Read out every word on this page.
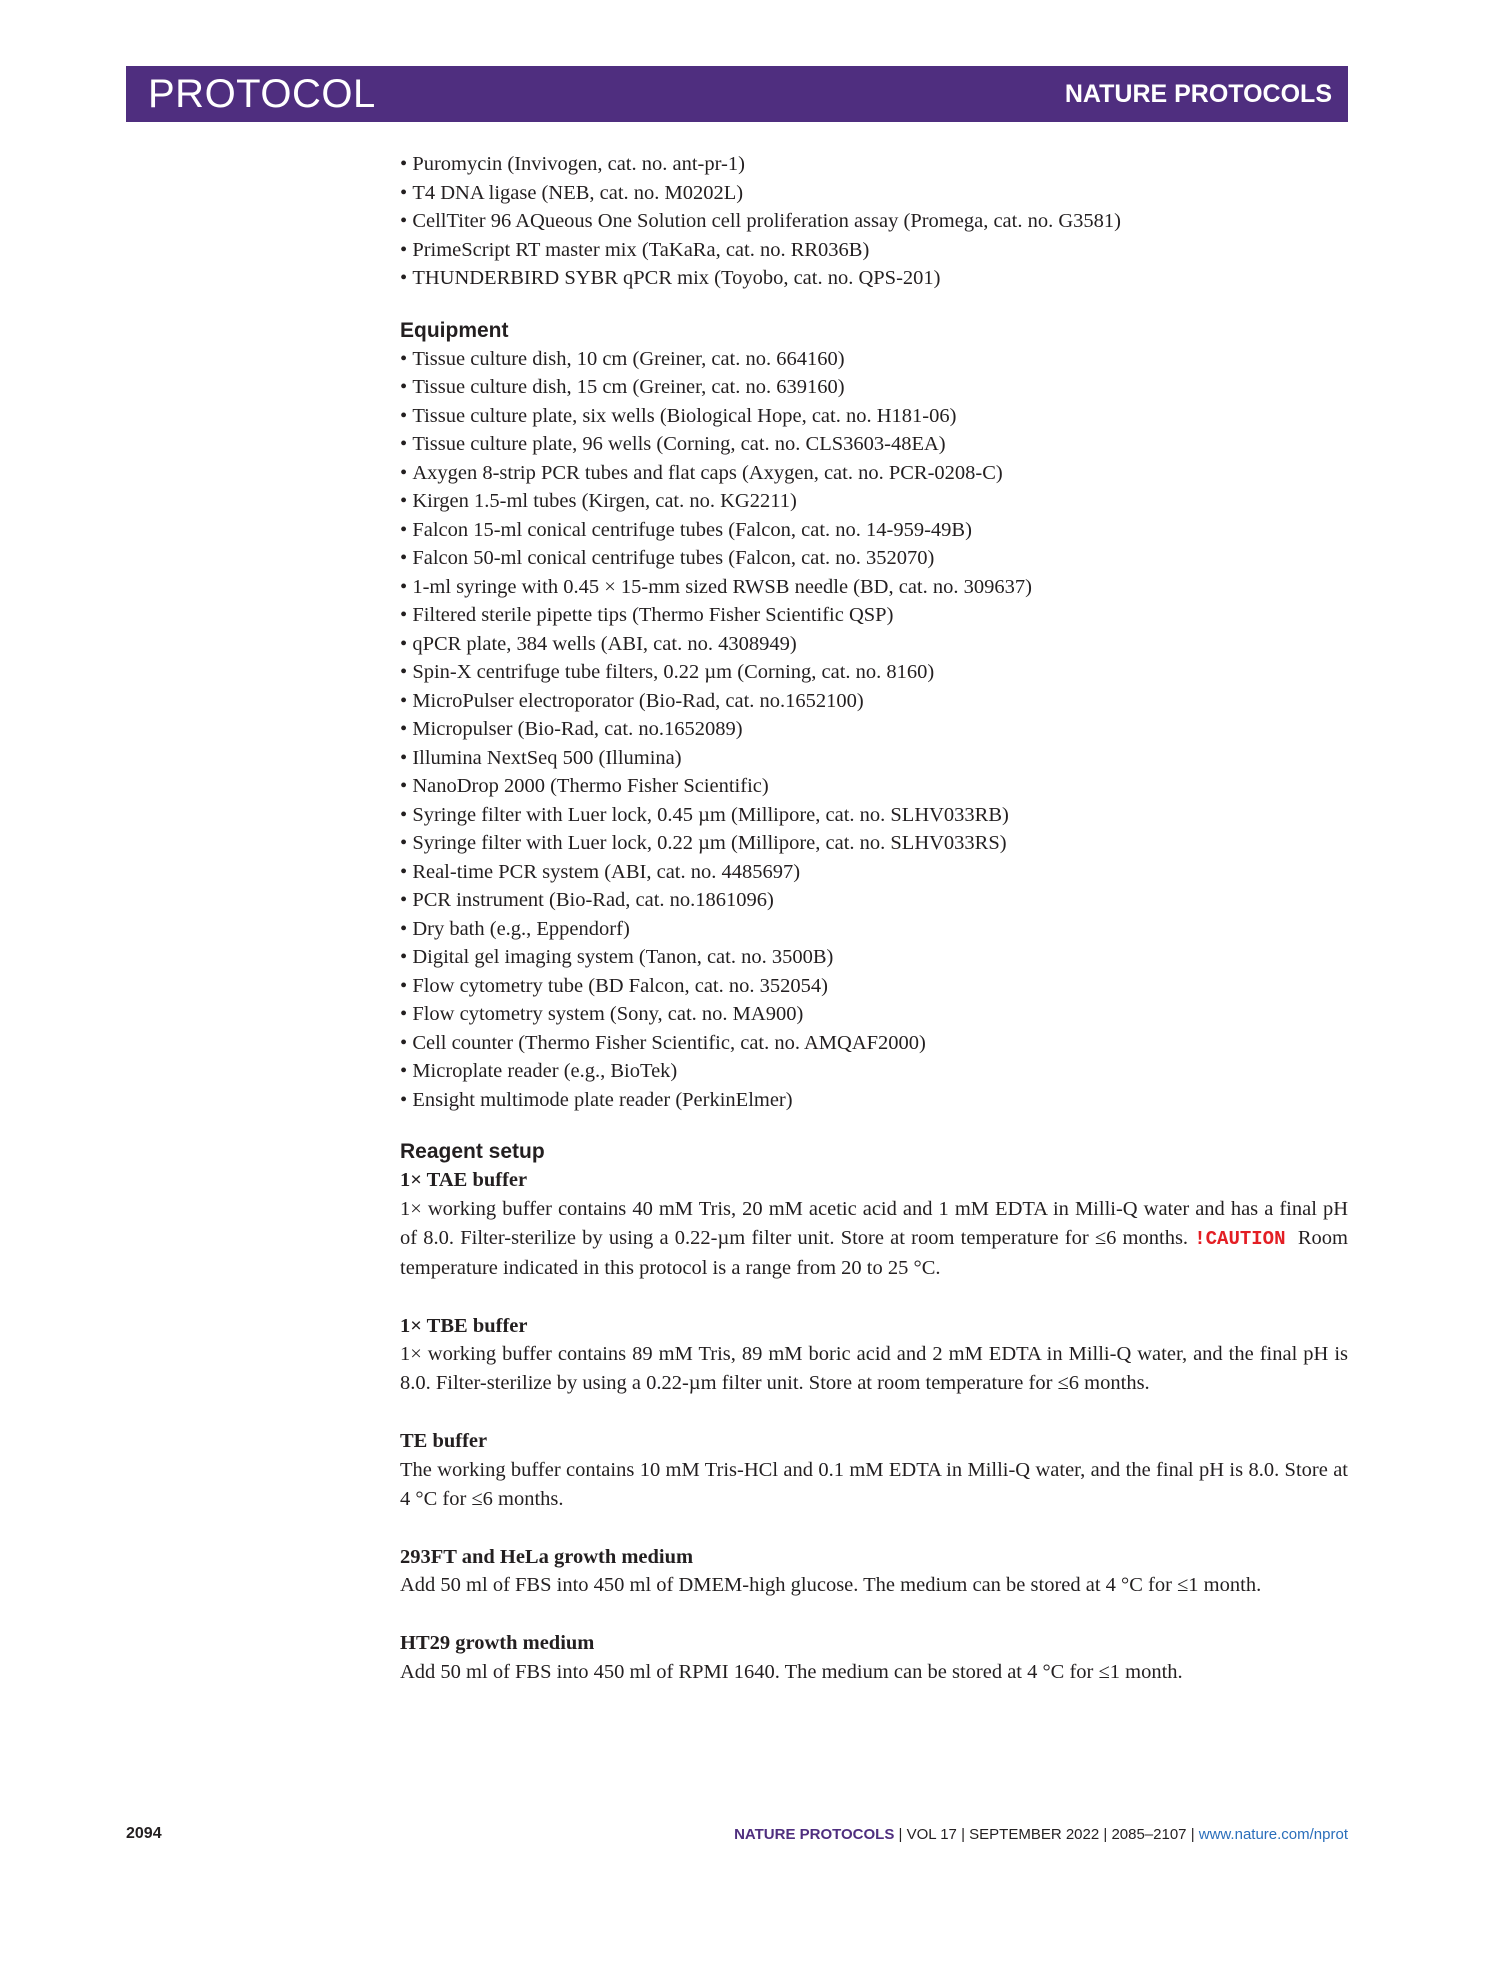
PROTOCOL	NATURE PROTOCOLS
• Puromycin (Invivogen, cat. no. ant-pr-1)
• T4 DNA ligase (NEB, cat. no. M0202L)
• CellTiter 96 AQueous One Solution cell proliferation assay (Promega, cat. no. G3581)
• PrimeScript RT master mix (TaKaRa, cat. no. RR036B)
• THUNDERBIRD SYBR qPCR mix (Toyobo, cat. no. QPS-201)
Equipment
• Tissue culture dish, 10 cm (Greiner, cat. no. 664160)
• Tissue culture dish, 15 cm (Greiner, cat. no. 639160)
• Tissue culture plate, six wells (Biological Hope, cat. no. H181-06)
• Tissue culture plate, 96 wells (Corning, cat. no. CLS3603-48EA)
• Axygen 8-strip PCR tubes and flat caps (Axygen, cat. no. PCR-0208-C)
• Kirgen 1.5-ml tubes (Kirgen, cat. no. KG2211)
• Falcon 15-ml conical centrifuge tubes (Falcon, cat. no. 14-959-49B)
• Falcon 50-ml conical centrifuge tubes (Falcon, cat. no. 352070)
• 1-ml syringe with 0.45 × 15-mm sized RWSB needle (BD, cat. no. 309637)
• Filtered sterile pipette tips (Thermo Fisher Scientific QSP)
• qPCR plate, 384 wells (ABI, cat. no. 4308949)
• Spin-X centrifuge tube filters, 0.22 µm (Corning, cat. no. 8160)
• MicroPulser electroporator (Bio-Rad, cat. no.1652100)
• Micropulser (Bio-Rad, cat. no.1652089)
• Illumina NextSeq 500 (Illumina)
• NanoDrop 2000 (Thermo Fisher Scientific)
• Syringe filter with Luer lock, 0.45 µm (Millipore, cat. no. SLHV033RB)
• Syringe filter with Luer lock, 0.22 µm (Millipore, cat. no. SLHV033RS)
• Real-time PCR system (ABI, cat. no. 4485697)
• PCR instrument (Bio-Rad, cat. no.1861096)
• Dry bath (e.g., Eppendorf)
• Digital gel imaging system (Tanon, cat. no. 3500B)
• Flow cytometry tube (BD Falcon, cat. no. 352054)
• Flow cytometry system (Sony, cat. no. MA900)
• Cell counter (Thermo Fisher Scientific, cat. no. AMQAF2000)
• Microplate reader (e.g., BioTek)
• Ensight multimode plate reader (PerkinElmer)
Reagent setup
1× TAE buffer

1× working buffer contains 40 mM Tris, 20 mM acetic acid and 1 mM EDTA in Milli-Q water and has a final pH of 8.0. Filter-sterilize by using a 0.22-µm filter unit. Store at room temperature for ≤6 months. !CAUTION Room temperature indicated in this protocol is a range from 20 to 25 °C.

1× TBE buffer

1× working buffer contains 89 mM Tris, 89 mM boric acid and 2 mM EDTA in Milli-Q water, and the final pH is 8.0. Filter-sterilize by using a 0.22-µm filter unit. Store at room temperature for ≤6 months.

TE buffer

The working buffer contains 10 mM Tris-HCl and 0.1 mM EDTA in Milli-Q water, and the final pH is 8.0. Store at 4 °C for ≤6 months.

293FT and HeLa growth medium

Add 50 ml of FBS into 450 ml of DMEM-high glucose. The medium can be stored at 4 °C for ≤1 month.

HT29 growth medium

Add 50 ml of FBS into 450 ml of RPMI 1640. The medium can be stored at 4 °C for ≤1 month.

2094	NATURE PROTOCOLS | VOL 17 | SEPTEMBER 2022 | 2085–2107 | www.nature.com/nprot
